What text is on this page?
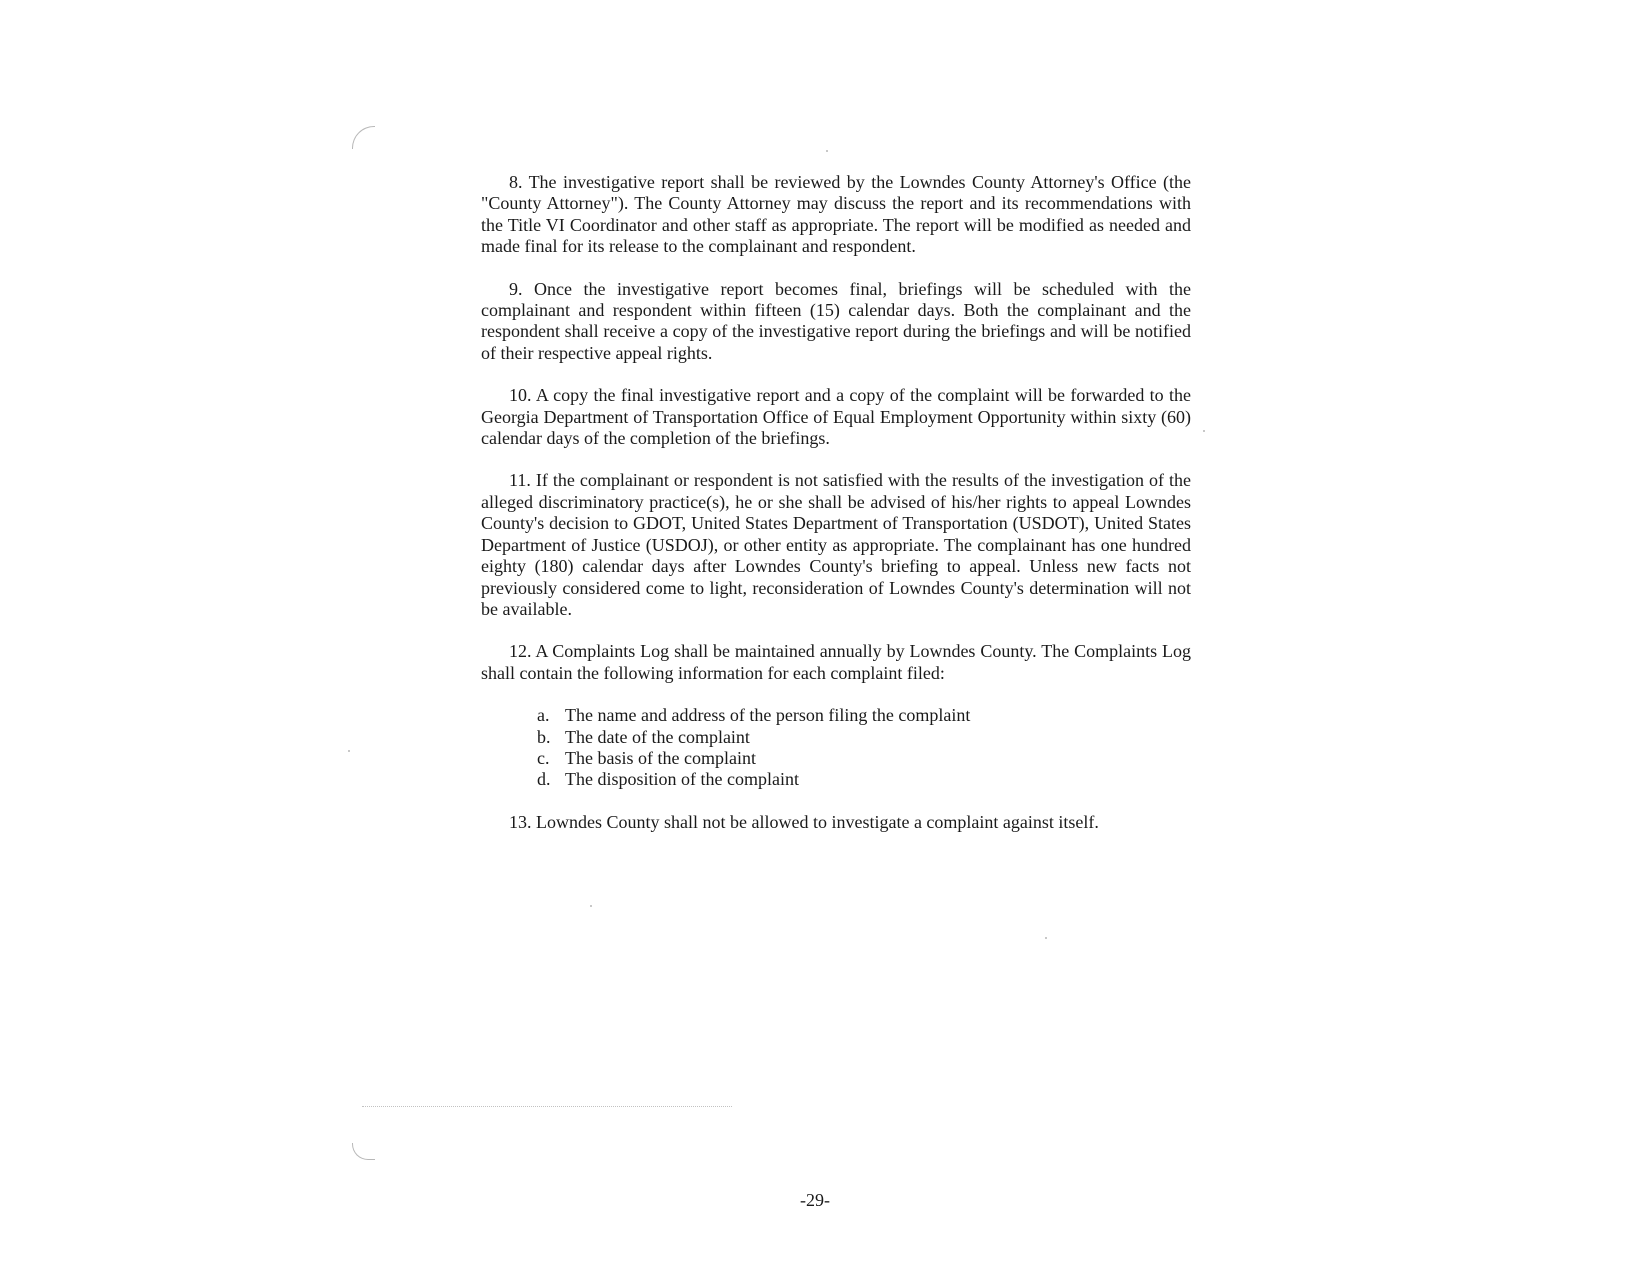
8. The investigative report shall be reviewed by the Lowndes County Attorney's Office (the "County Attorney"). The County Attorney may discuss the report and its recommendations with the Title VI Coordinator and other staff as appropriate. The report will be modified as needed and made final for its release to the complainant and respondent.

9. Once the investigative report becomes final, briefings will be scheduled with the complainant and respondent within fifteen (15) calendar days. Both the complainant and the respondent shall receive a copy of the investigative report during the briefings and will be notified of their respective appeal rights.

10. A copy the final investigative report and a copy of the complaint will be forwarded to the Georgia Department of Transportation Office of Equal Employment Opportunity within sixty (60) calendar days of the completion of the briefings.

11. If the complainant or respondent is not satisfied with the results of the investigation of the alleged discriminatory practice(s), he or she shall be advised of his/her rights to appeal Lowndes County's decision to GDOT, United States Department of Transportation (USDOT), United States Department of Justice (USDOJ), or other entity as appropriate. The complainant has one hundred eighty (180) calendar days after Lowndes County's briefing to appeal. Unless new facts not previously considered come to light, reconsideration of Lowndes County's determination will not be available.

12. A Complaints Log shall be maintained annually by Lowndes County. The Complaints Log shall contain the following information for each complaint filed:

a. The name and address of the person filing the complaint
b. The date of the complaint
c. The basis of the complaint
d. The disposition of the complaint

13. Lowndes County shall not be allowed to investigate a complaint against itself.

-29-
